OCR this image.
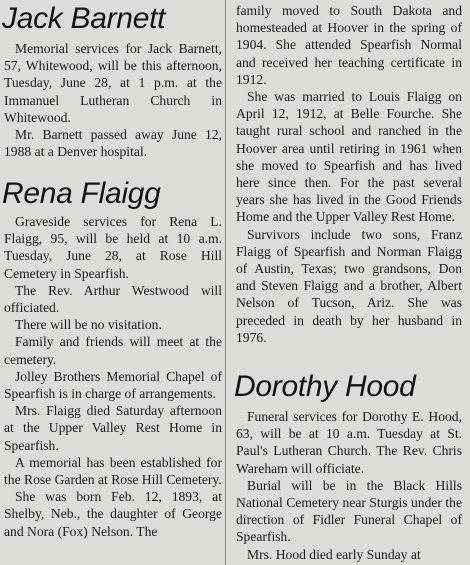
Jack Barnett

Memorial services for Jack Barnett, 57, Whitewood, will be this afternoon, Tuesday, June 28, at 1 p.m. at the Immanuel Lutheran Church in Whitewood.

Mr. Barnett passed away June 12, 1988 at a Denver hospital.

Rena Flaigg

Graveside services for Rena L. Flaigg, 95, will be held at 10 a.m. Tuesday, June 28, at Rose Hill Cemetery in Spearfish.

The Rev. Arthur Westwood will officiated.

There will be no visitation.

Family and friends will meet at the cemetery.

Jolley Brothers Memorial Chapel of Spearfish is in charge of arrangements.

Mrs. Flaigg died Saturday afternoon at the Upper Valley Rest Home in Spearfish.

A memorial has been established for the Rose Garden at Rose Hill Cemetery.

She was born Feb. 12, 1893, at Shelby, Neb., the daughter of George and Nora (Fox) Nelson. The

family moved to South Dakota and homesteaded at Hoover in the spring of 1904. She attended Spearfish Normal and received her teaching certificate in 1912.

She was married to Louis Flaigg on April 12, 1912, at Belle Fourche. She taught rural school and ranched in the Hoover area until retiring in 1961 when she moved to Spearfish and has lived here since then. For the past several years she has lived in the Good Friends Home and the Upper Valley Rest Home.

Survivors include two sons, Franz Flaigg of Spearfish and Norman Flaigg of Austin, Texas; two grandsons, Don and Steven Flaigg and a brother, Albert Nelson of Tucson, Ariz. She was preceded in death by her husband in 1976.

Dorothy Hood

Funeral services for Dorothy E. Hood, 63, will be at 10 a.m. Tuesday at St. Paul's Lutheran Church. The Rev. Chris Wareham will officiate.

Burial will be in the Black Hills National Cemetery near Sturgis under the direction of Fidler Funeral Chapel of Spearfish.

Mrs. Hood died early Sunday at
